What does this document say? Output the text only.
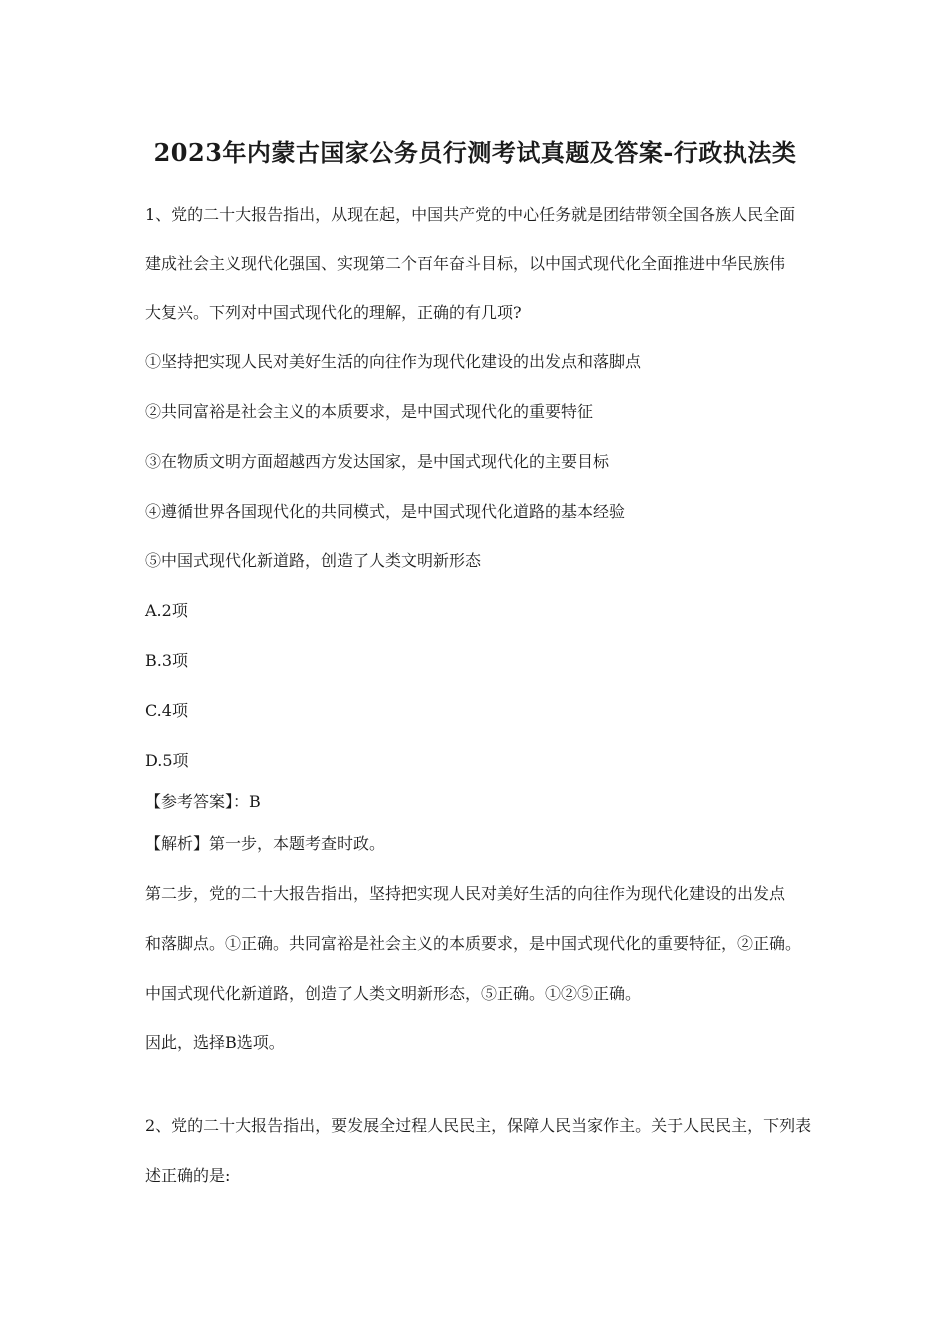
2023年内蒙古国家公务员行测考试真题及答案-行政执法类
1、党的二十大报告指出，从现在起，中国共产党的中心任务就是团结带领全国各族人民全面
建成社会主义现代化强国、实现第二个百年奋斗目标，以中国式现代化全面推进中华民族伟
大复兴。下列对中国式现代化的理解，正确的有几项?
①坚持把实现人民对美好生活的向往作为现代化建设的出发点和落脚点
②共同富裕是社会主义的本质要求，是中国式现代化的重要特征
③在物质文明方面超越西方发达国家，是中国式现代化的主要目标
④遵循世界各国现代化的共同模式，是中国式现代化道路的基本经验
⑤中国式现代化新道路，创造了人类文明新形态
A.2项
B.3项
C.4项
D.5项
【参考答案】：B
【解析】第一步，本题考查时政。
第二步，党的二十大报告指出，坚持把实现人民对美好生活的向往作为现代化建设的出发点
和落脚点。①正确。共同富裕是社会主义的本质要求，是中国式现代化的重要特征，②正确。
中国式现代化新道路，创造了人类文明新形态，⑤正确。①②⑤正确。
因此，选择B选项。
2、党的二十大报告指出，要发展全过程人民民主，保障人民当家作主。关于人民民主，下列表
述正确的是:
